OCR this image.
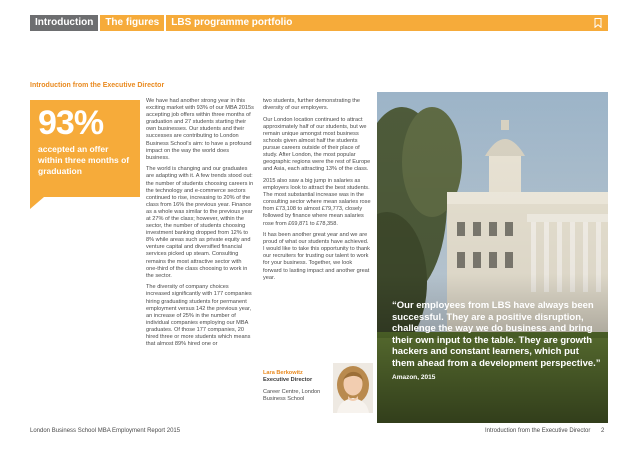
Introduction	The figures	LBS programme portfolio
Introduction from the Executive Director
93%
accepted an offer within three months of graduation

We have had another strong year in this exciting market with 93% of our MBA 2015s accepting job offers within three months of graduation and 27 students starting their own businesses. Our students and their successes are contributing to London Business School's aim: to have a profound impact on the way the world does business.

The world is changing and our graduates are adapting with it. A few trends stood out: the number of students choosing careers in the technology and e-commerce sectors continued to rise, increasing to 20% of the class from 16% the previous year. Finance as a whole was similar to the previous year at 27% of the class; however, within the sector, the number of students choosing investment banking dropped from 12% to 8% while areas such as private equity and venture capital and diversified financial services picked up steam. Consulting remains the most attractive sector with one-third of the class choosing to work in the sector.

The diversity of company choices increased significantly with 177 companies hiring graduating students for permanent employment versus 142 the previous year, an increase of 25% in the number of individual companies employing our MBA graduates. Of those 177 companies, 20 hired three or more students which means that almost 89% hired one or

two students, further demonstrating the diversity of our employers.

Our London location continued to attract approximately half of our students, but we remain unique amongst most business schools given almost half the students pursue careers outside of their place of study. After London, the most popular geographic regions were the rest of Europe and Asia, each attracting 13% of the class.

2015 also saw a big jump in salaries as employers look to attract the best students. The most substantial increase was in the consulting sector where mean salaries rose from £73,108 to almost £79,773, closely followed by finance where mean salaries rose from £69,871 to £78,358.

It has been another great year and we are proud of what our students have achieved. I would like to take this opportunity to thank our recruiters for trusting our talent to work for your business. Together, we look forward to lasting impact and another great year.

Lara Berkowitz
Executive Director
Career Centre, London Business School
“Our employees from LBS have always been successful. They are a positive disruption, challenge the way we do business and bring their own input to the table. They are growth hackers and constant learners, which put them ahead from a development perspective.”
Amazon, 2015
London Business School MBA Employment Report 2015	Introduction from the Executive Director 2
